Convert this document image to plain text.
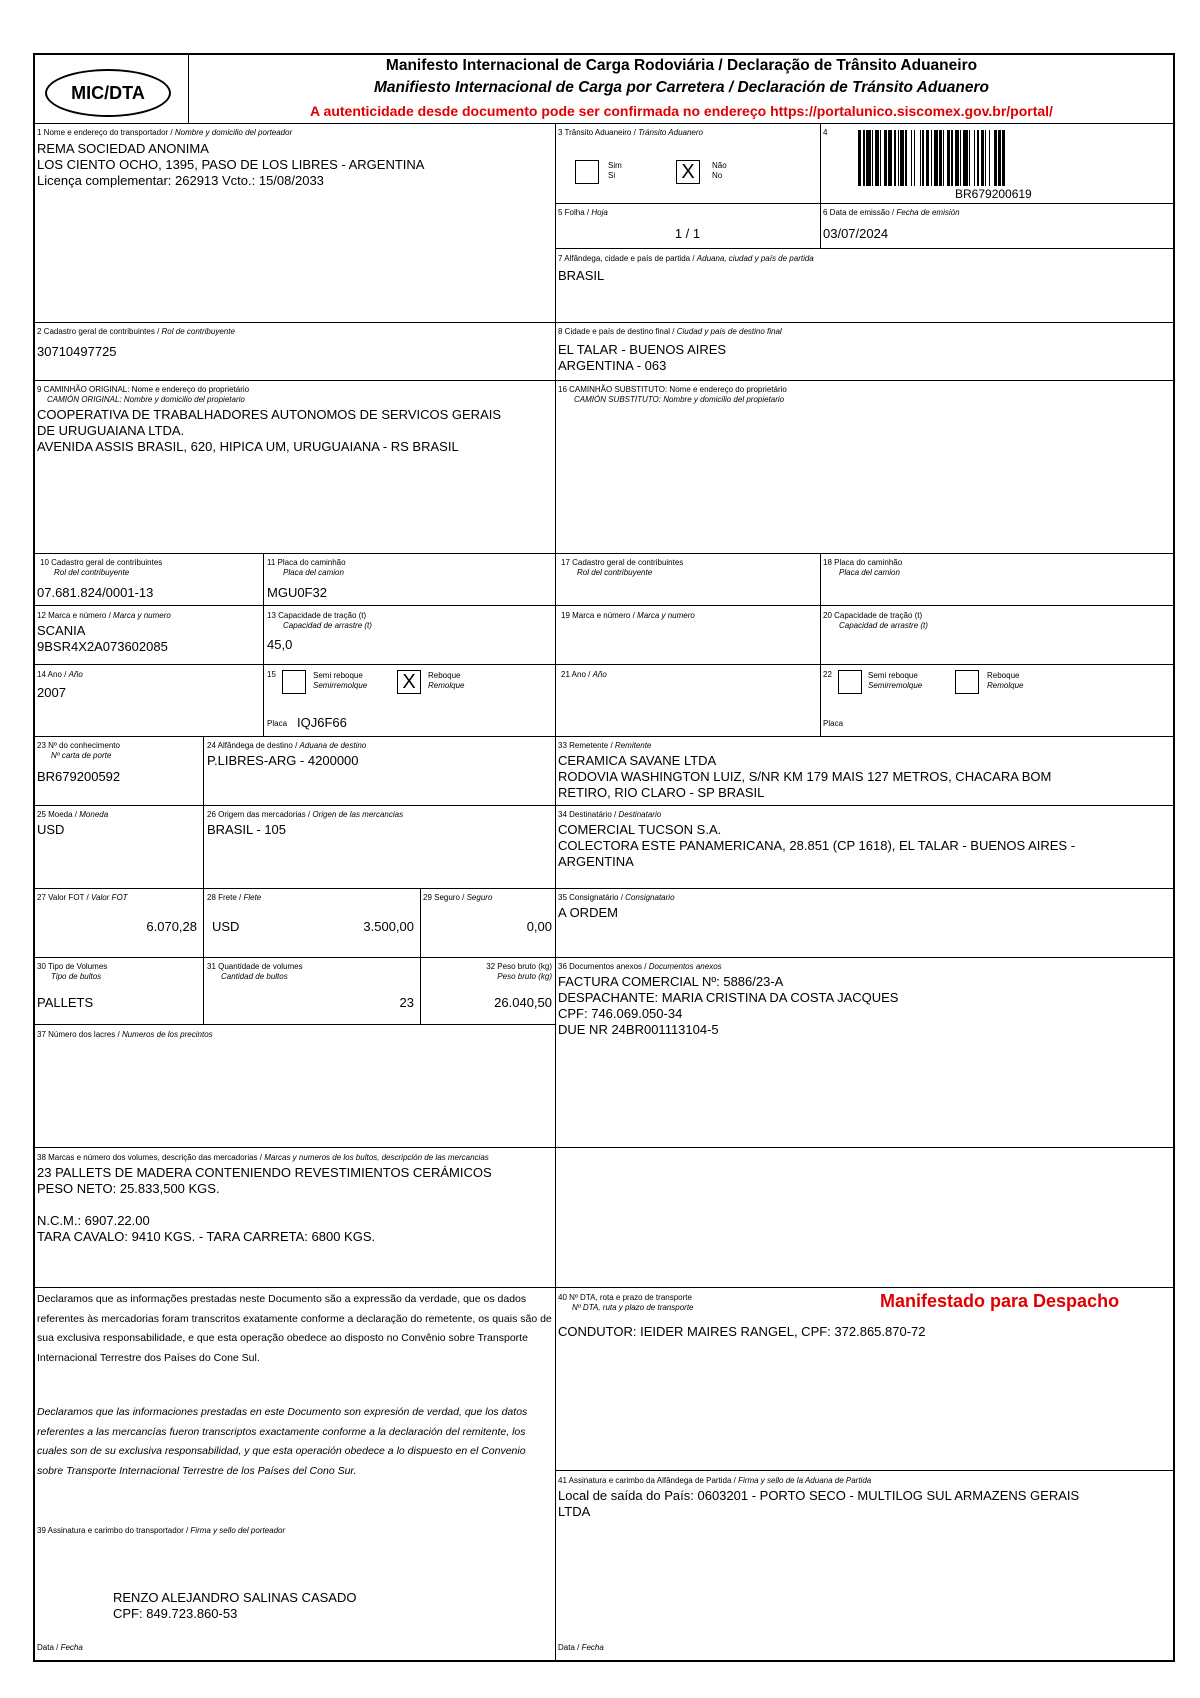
MIC/DTA
Manifesto Internacional de Carga Rodoviária / Declaração de Trânsito Aduaneiro
Manifiesto Internacional de Carga por Carretera / Declaración de Tránsito Aduanero
A autenticidade desde documento pode ser confirmada no endereço https://portalunico.siscomex.gov.br/portal/
1 Nome e endereço do transportador / Nombre y domicilio del porteador
REMA SOCIEDAD ANONIMA
LOS CIENTO OCHO, 1395, PASO DE LOS LIBRES - ARGENTINA
Licença complementar: 262913 Vcto.: 15/08/2033
3 Trânsito Aduaneiro / Tránsito Aduanero
Sim
Si	X	Não
No
4
BR679200619
5 Folha / Hoja
1 / 1
6 Data de emissão / Fecha de emisión
03/07/2024
7 Alfândega, cidade e país de partida / Aduana, ciudad y país de partida
BRASIL
2 Cadastro geral de contribuintes / Rol de contribuyente
30710497725
8 Cidade e país de destino final / Ciudad y país de destino final
EL TALAR - BUENOS AIRES
ARGENTINA - 063
9 CAMINHÃO ORIGINAL: Nome e endereço do proprietário
CAMIÓN ORIGINAL: Nombre y domicilio del propietario
COOPERATIVA DE TRABALHADORES AUTONOMOS DE SERVICOS GERAIS
DE URUGUAIANA LTDA.
AVENIDA ASSIS BRASIL, 620, HIPICA UM, URUGUAIANA - RS BRASIL
16 CAMINHÃO SUBSTITUTO: Nome e endereço do proprietário
CAMIÓN SUBSTITUTO: Nombre y domicilio del propietario
10 Cadastro geral de contribuintes
Rol del contribuyente
07.681.824/0001-13
11 Placa do caminhão
Placa del camion
MGU0F32
17 Cadastro geral de contribuintes
Rol del contribuyente
18 Placa do caminhão
Placa del camion
12 Marca e número / Marca y numero
SCANIA
9BSR4X2A073602085
13 Capacidade de tração (t)
Capacidad de arrastre (t)
45,0
19 Marca e número / Marca y numero	20 Capacidade de tração (t)
Capacidad de arrastre (t)
14 Ano / Año
2007
15	Semi reboque
Semirremolque X	Reboque
Remolque
Placa IQJ6F66
21 Ano / Año	22	Semi reboque
Semirremolque
Reboque
Remolque
Placa
23 Nº do conhecimento
Nº carta de porte
BR679200592
24 Alfândega de destino / Aduana de destino
P.LIBRES-ARG - 4200000
33 Remetente / Remitente
CERAMICA SAVANE LTDA
RODOVIA WASHINGTON LUIZ, S/NR KM 179 MAIS 127 METROS, CHACARA BOM
RETIRO, RIO CLARO - SP BRASIL
25 Moeda / Moneda
USD
26 Origem das mercadorias / Origen de las mercancias
BRASIL - 105
34 Destinatário / Destinatario
COMERCIAL TUCSON S.A.
COLECTORA ESTE PANAMERICANA, 28.851 (CP 1618), EL TALAR - BUENOS AIRES -
ARGENTINA
27 Valor FOT / Valor FOT
6.070,28
28 Frete / Flete
USD	3.500,00
29 Seguro / Seguro
0,00
35 Consignatário / Consignatario
A ORDEM
30 Tipo de Volumes
Tipo de bultos
PALLETS
31 Quantidade de volumes
Cantidad de bultos
23
32 Peso bruto (kg)
Peso bruto (kg)
26.040,50
36 Documentos anexos / Documentos anexos
FACTURA COMERCIAL Nº: 5886/23-A
DESPACHANTE: MARIA CRISTINA DA COSTA JACQUES
CPF: 746.069.050-34
DUE NR 24BR001113104-5
37 Número dos lacres / Numeros de los precintos
38 Marcas e número dos volumes, descrição das mercadorias / Marcas y numeros de los bultos, descripción de las mercancias
23 PALLETS DE MADERA CONTENIENDO REVESTIMIENTOS CERÁMICOS
PESO NETO: 25.833,500 KGS.

N.C.M.: 6907.22.00
TARA CAVALO: 9410 KGS. - TARA CARRETA: 6800 KGS.
Declaramos que as informações prestadas neste Documento são a expressão da verdade, que os dados referentes às mercadorias foram transcritos exatamente conforme a declaração do remetente, os quais são de sua exclusiva responsabilidade, e que esta operação obedece ao disposto no Convênio sobre Transporte Internacional Terrestre dos Países do Cone Sul.
Declaramos que las informaciones prestadas en este Documento son expresión de verdad, que los datos referentes a las mercancías fueron transcriptos exactamente conforme a la declaración del remitente, los cuales son de su exclusiva responsabilidad, y que esta operación obedece a lo dispuesto en el Convenio sobre Transporte Internacional Terrestre de los Países del Cono Sur.
39 Assinatura e carimbo do transportador / Firma y sello del porteador
RENZO ALEJANDRO SALINAS CASADO
CPF: 849.723.860-53
Data / Fecha
40 Nº DTA, rota e prazo de transporte
Nº DTA, ruta y plazo de transporte	Manifestado para Despacho
CONDUTOR: IEIDER MAIRES RANGEL, CPF: 372.865.870-72
41 Assinatura e carimbo da Alfândega de Partida / Firma y sello de la Aduana de Partida
Local de saída do País: 0603201 - PORTO SECO - MULTILOG SUL ARMAZENS GERAIS
LTDA
Data / Fecha
